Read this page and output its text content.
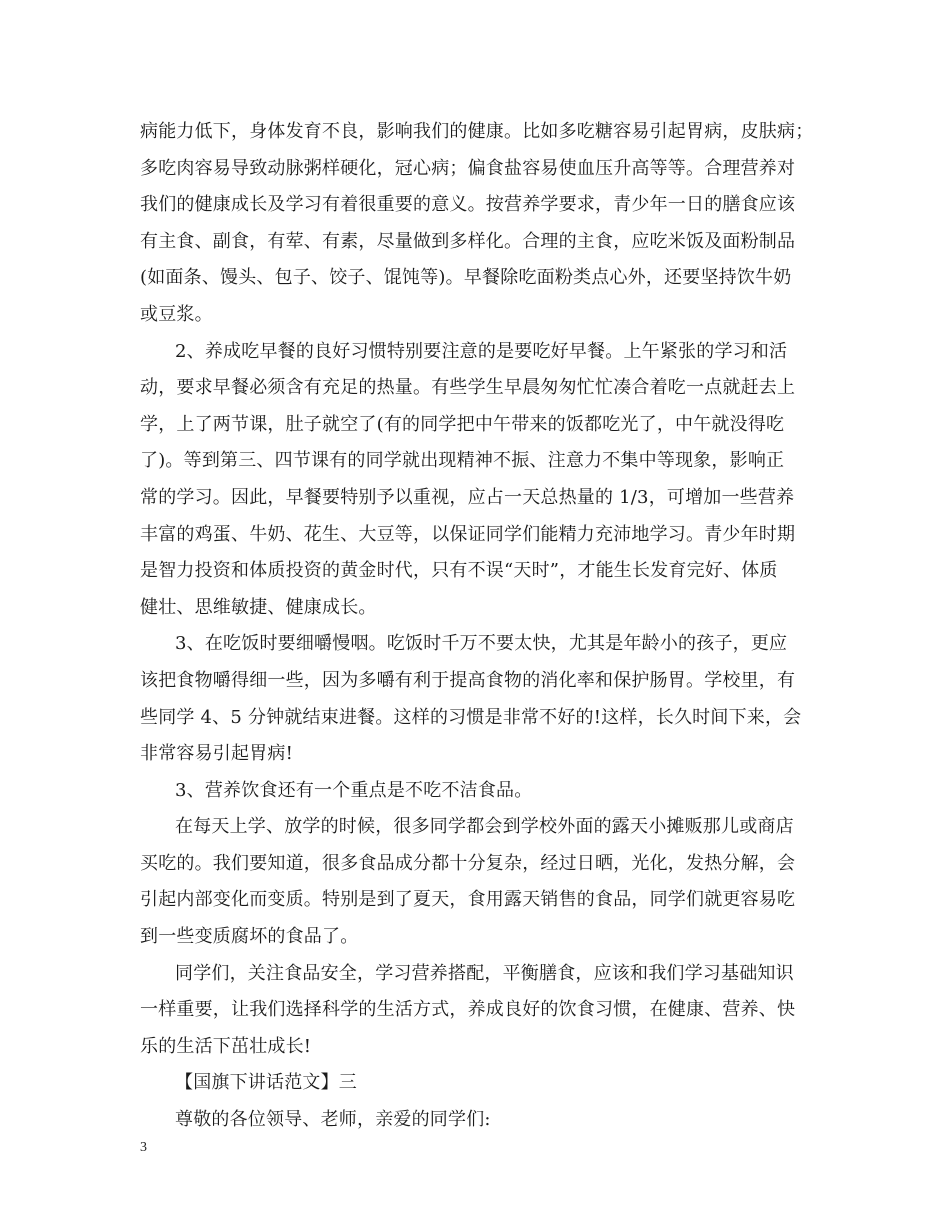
病能力低下，身体发育不良，影响我们的健康。比如多吃糖容易引起胃病，皮肤病；
多吃肉容易导致动脉粥样硬化，冠心病；偏食盐容易使血压升高等等。合理营养对
我们的健康成长及学习有着很重要的意义。按营养学要求，青少年一日的膳食应该
有主食、副食，有荤、有素，尽量做到多样化。合理的主食，应吃米饭及面粉制品
(如面条、馒头、包子、饺子、馄饨等)。早餐除吃面粉类点心外，还要坚持饮牛奶
或豆浆。
2、养成吃早餐的良好习惯特别要注意的是要吃好早餐。上午紧张的学习和活
动，要求早餐必须含有充足的热量。有些学生早晨匆匆忙忙凑合着吃一点就赶去上
学，上了两节课，肚子就空了(有的同学把中午带来的饭都吃光了，中午就没得吃
了)。等到第三、四节课有的同学就出现精神不振、注意力不集中等现象，影响正
常的学习。因此，早餐要特别予以重视，应占一天总热量的 1/3，可增加一些营养
丰富的鸡蛋、牛奶、花生、大豆等，以保证同学们能精力充沛地学习。青少年时期
是智力投资和体质投资的黄金时代，只有不误“天时”，才能生长发育完好、体质
健壮、思维敏捷、健康成长。
3、在吃饭时要细嚼慢咽。吃饭时千万不要太快，尤其是年龄小的孩子，更应
该把食物嚼得细一些，因为多嚼有利于提高食物的消化率和保护肠胃。学校里，有
些同学 4、5 分钟就结束进餐。这样的习惯是非常不好的!这样，长久时间下来，会
非常容易引起胃病!
3、营养饮食还有一个重点是不吃不洁食品。
在每天上学、放学的时候，很多同学都会到学校外面的露天小摊贩那儿或商店
买吃的。我们要知道，很多食品成分都十分复杂，经过日晒，光化，发热分解，会
引起内部变化而变质。特别是到了夏天，食用露天销售的食品，同学们就更容易吃
到一些变质腐坏的食品了。
同学们，关注食品安全，学习营养搭配，平衡膳食，应该和我们学习基础知识
一样重要，让我们选择科学的生活方式，养成良好的饮食习惯，在健康、营养、快
乐的生活下茁壮成长!
【国旗下讲话范文】三
尊敬的各位领导、老师，亲爱的同学们:
3
